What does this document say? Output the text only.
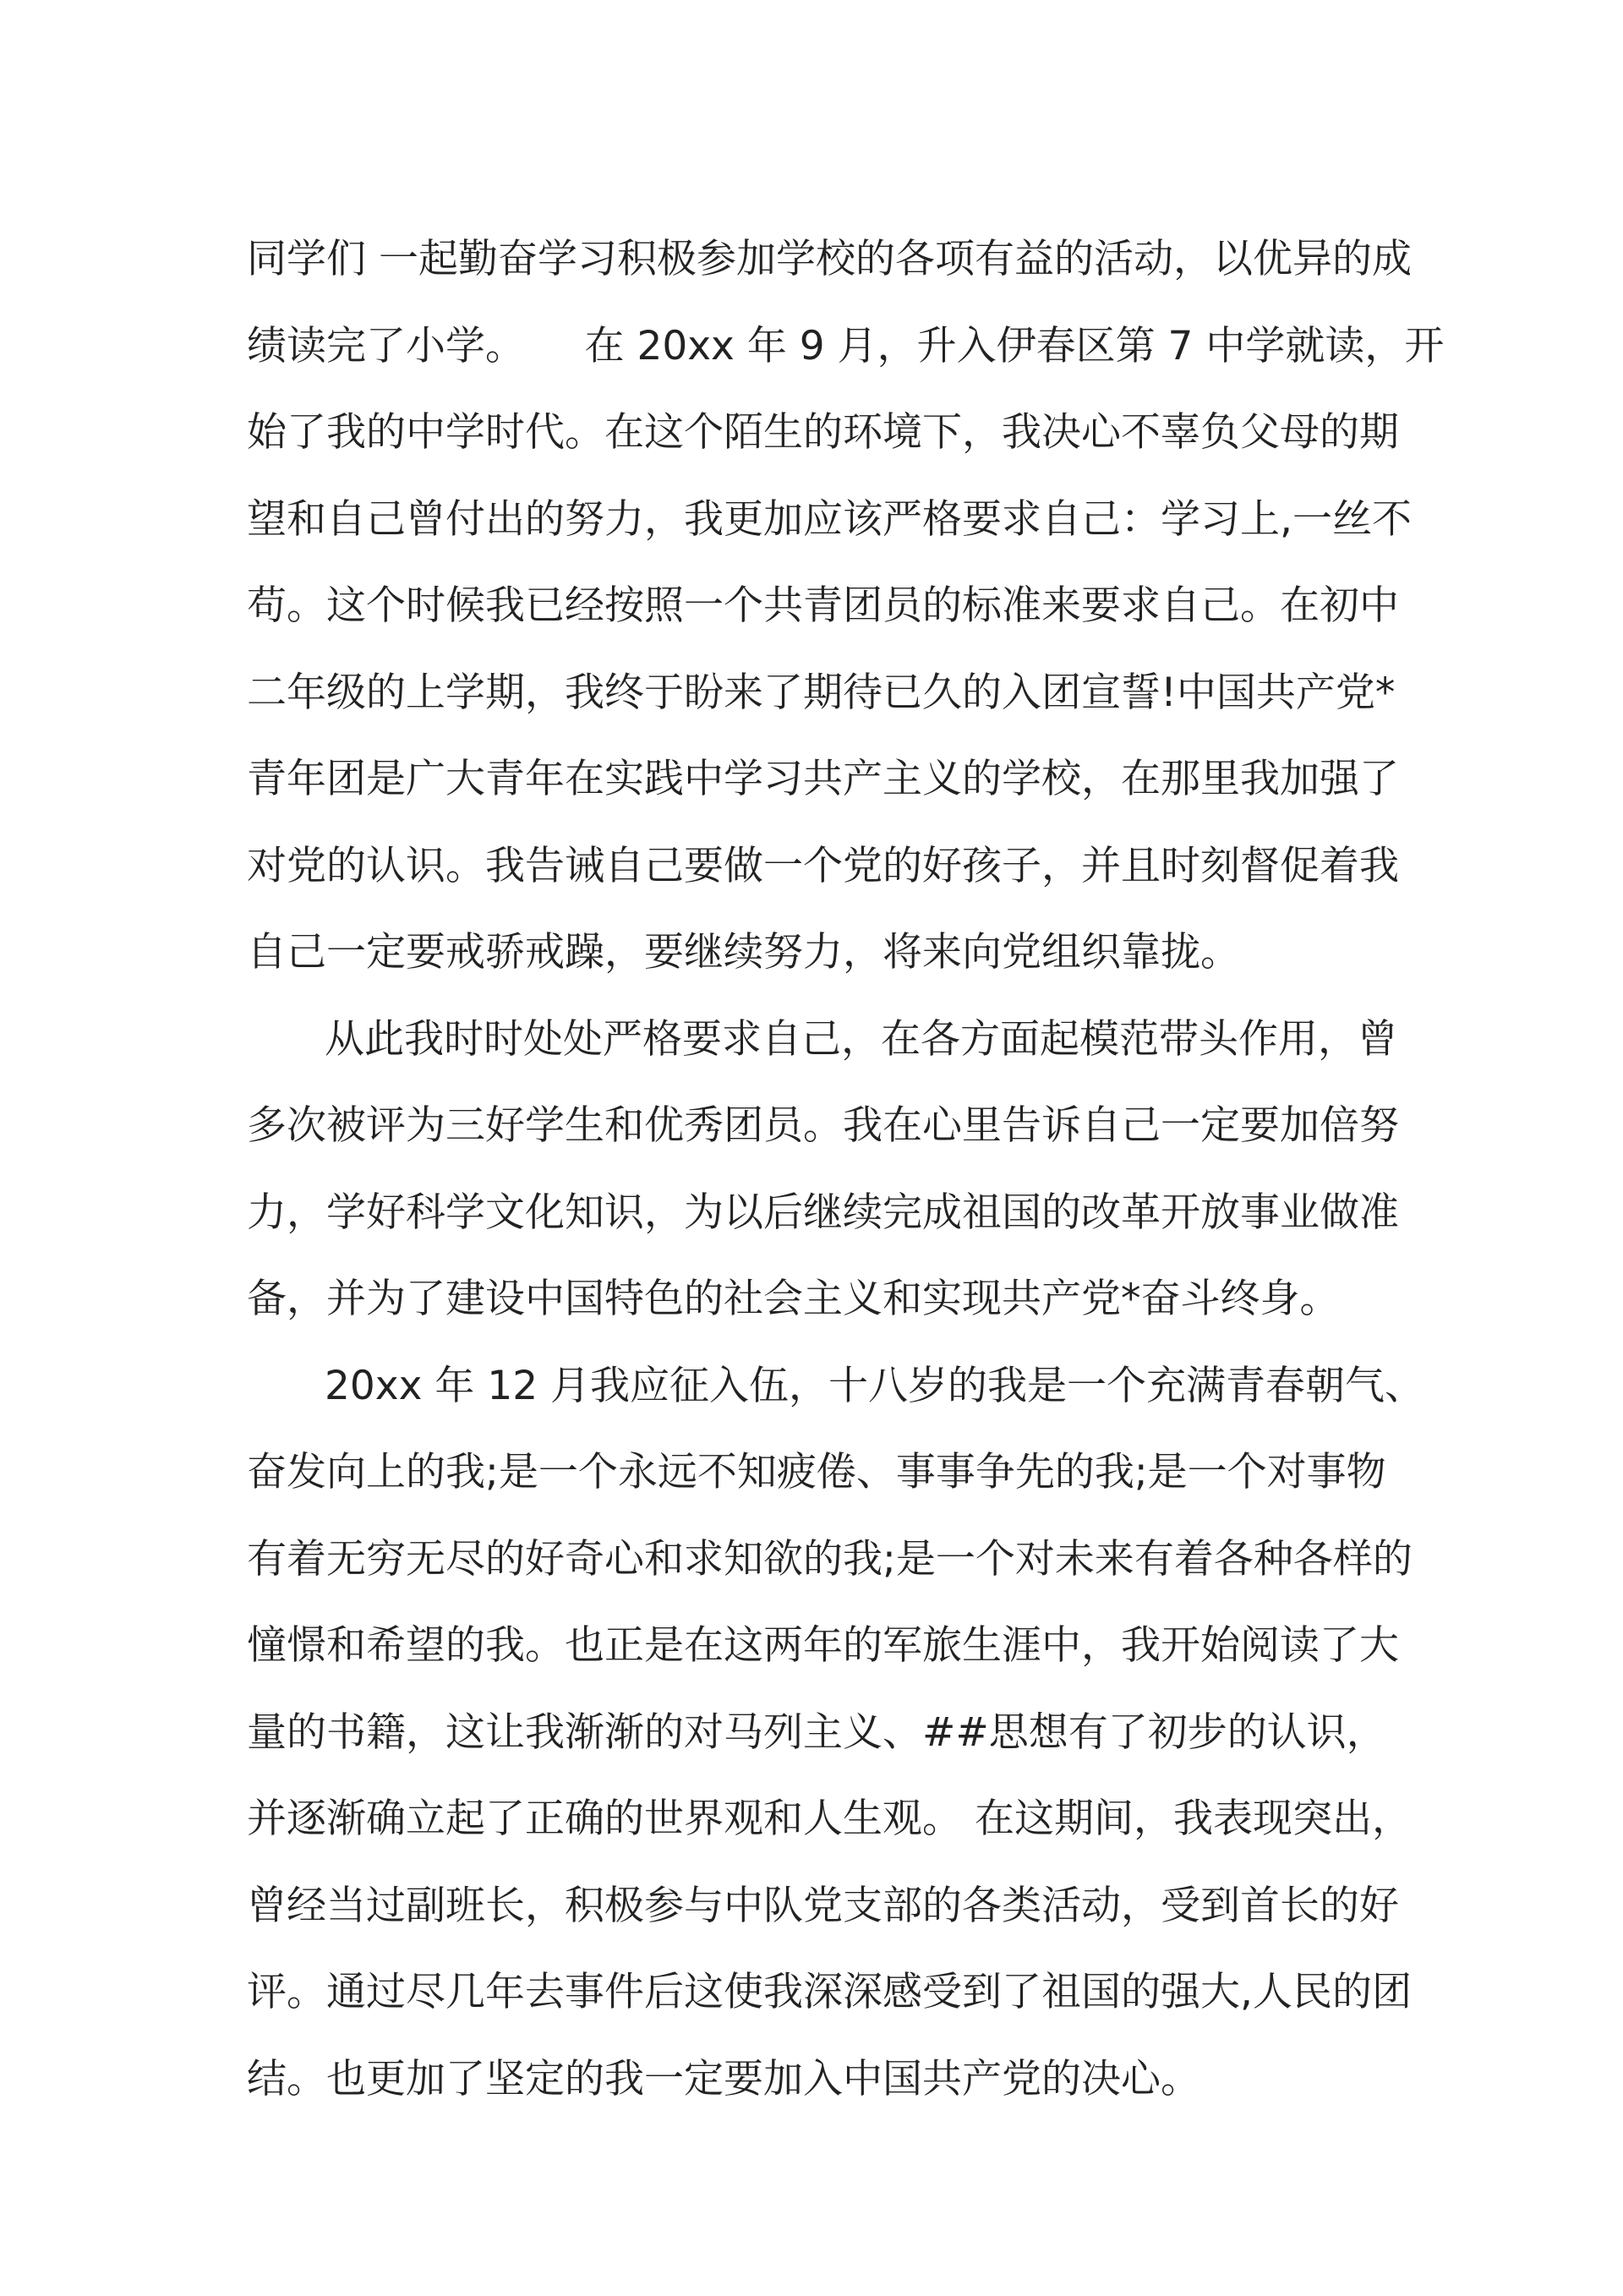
同学们 一起勤奋学习积极参加学校的各项有益的活动，以优异的成
绩读完了小学。　　在 20xx 年 9 月，升入伊春区第 7 中学就读，开
始了我的中学时代。在这个陌生的环境下，我决心不辜负父母的期
望和自己曾付出的努力，我更加应该严格要求自己：学习上,一丝不
苟。这个时候我已经按照一个共青团员的标准来要求自己。在初中
二年级的上学期，我终于盼来了期待已久的入团宣誓!中国共产党*
青年团是广大青年在实践中学习共产主义的学校，在那里我加强了
对党的认识。我告诫自己要做一个党的好孩子，并且时刻督促着我
自己一定要戒骄戒躁，要继续努力，将来向党组织靠拢。
从此我时时处处严格要求自己，在各方面起模范带头作用，曾
多次被评为三好学生和优秀团员。我在心里告诉自己一定要加倍努
力，学好科学文化知识，为以后继续完成祖国的改革开放事业做准
备，并为了建设中国特色的社会主义和实现共产党*奋斗终身。
20xx 年 12 月我应征入伍，十八岁的我是一个充满青春朝气、
奋发向上的我;是一个永远不知疲倦、事事争先的我;是一个对事物
有着无穷无尽的好奇心和求知欲的我;是一个对未来有着各种各样的
憧憬和希望的我。也正是在这两年的军旅生涯中，我开始阅读了大
量的书籍，这让我渐渐的对马列主义、##思想有了初步的认识，
并逐渐确立起了正确的世界观和人生观。 在这期间，我表现突出，
曾经当过副班长，积极参与中队党支部的各类活动，受到首长的好
评。通过尽几年去事件后这使我深深感受到了祖国的强大,人民的团
结。也更加了坚定的我一定要加入中国共产党的决心。
